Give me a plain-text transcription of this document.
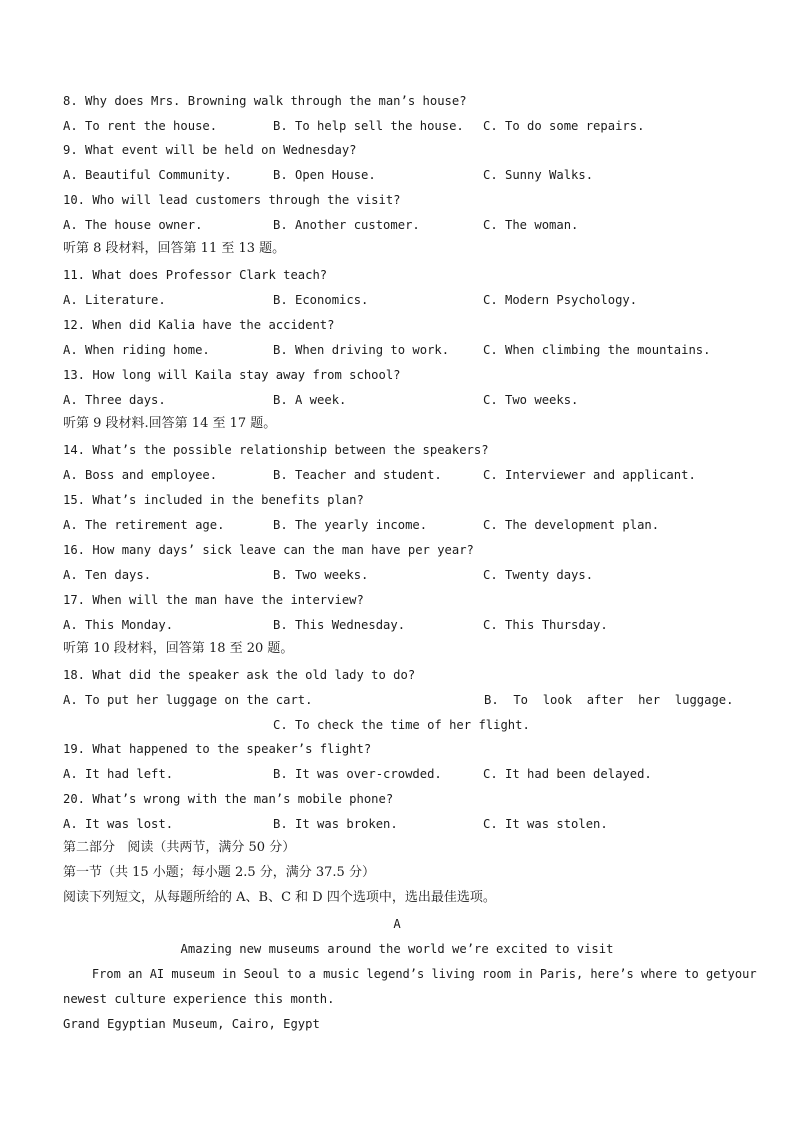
8. Why does Mrs. Browning walk through the man’s house?
A. To rent the house.	B. To help sell the house. C. To do some repairs.
9. What event will be held on Wednesday?
A. Beautiful Community.	B. Open House.	C. Sunny Walks.
10. Who will lead customers through the visit?
A. The house owner.	B. Another customer.	C. The woman.
听第 8 段材料，回答第 11 至 13 题。
11. What does Professor Clark teach?
A. Literature.	B. Economics.	C. Modern Psychology.
12. When did Kalia have the accident?
A. When riding home.	B. When driving to work.	C. When climbing the mountains.
13. How long will Kaila stay away from school?
A. Three days.	B. A week.	C. Two weeks.
听第 9 段材料.回答第 14 至 17 题。
14. What’s the possible relationship between the speakers?
A. Boss and employee.	B. Teacher and student.	C. Interviewer and applicant.
15. What’s included in the benefits plan?
A. The retirement age.	B. The yearly income.	C. The development plan.
16. How many days’ sick leave can the man have per year?
A. Ten days.	B. Two weeks.	C. Twenty days.
17. When will the man have the interview?
A. This Monday.	B. This Wednesday.	C. This Thursday.
听第 10 段材料，回答第 18 至 20 题。
18. What did the speaker ask the old lady to do?
A. To put her luggage on the cart.	B.  To  look  after  her  luggage.
C. To check the time of her flight.
19. What happened to the speaker’s flight?
A. It had left.	B. It was over-crowded.	C. It had been delayed.
20. What’s wrong with the man’s mobile phone?
A. It was lost.	B. It was broken.	C. It was stolen.
第二部分   阅读（共两节，满分 50 分）
第一节（共 15 小题；每小题 2.5 分，满分 37.5 分）
阅读下列短文，从每题所给的 A、B、C 和 D 四个选项中，选出最佳选项。
A
Amazing new museums around the world we’re excited to visit
From an AI museum in Seoul to a music legend’s living room in Paris, here’s where to getyour
newest culture experience this month.
Grand Egyptian Museum, Cairo, Egypt
